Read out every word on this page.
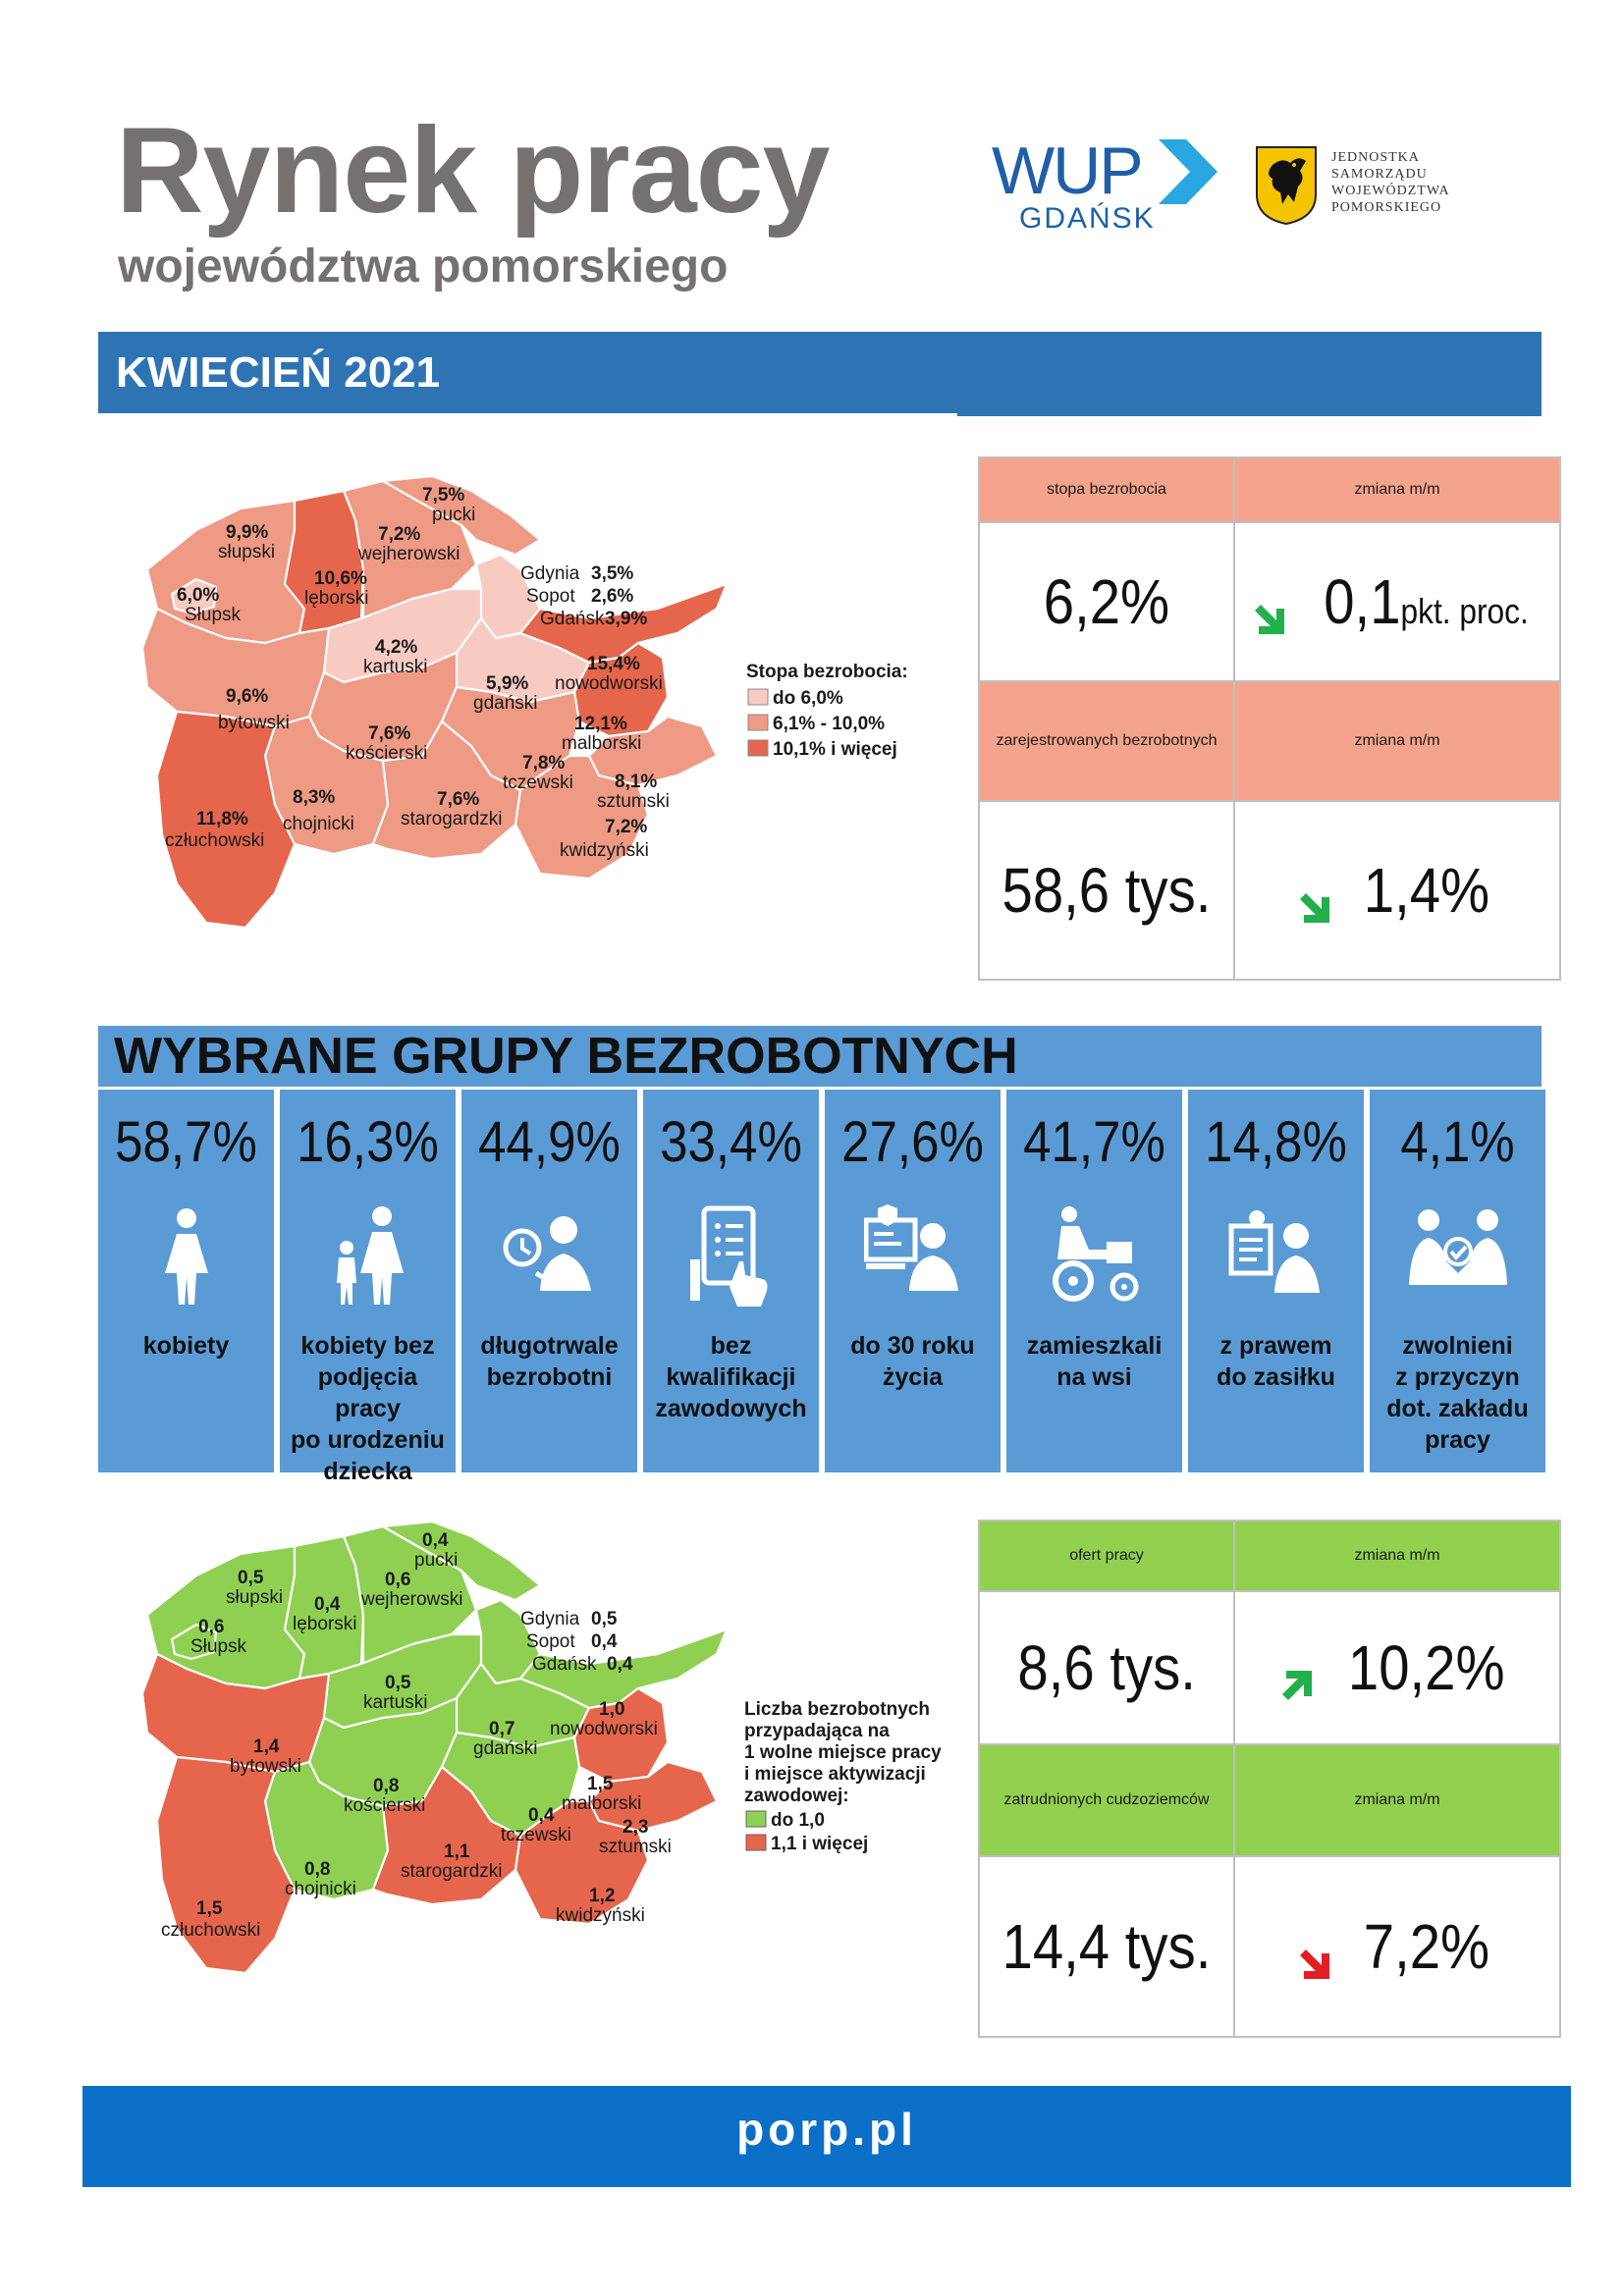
Rynek pracy
województwa pomorskiego
WUP
GDAŃSK
JEDNOSTKA
SAMORZĄDU
WOJEWÓDZTWA
POMORSKIEGO
KWIECIEŃ 2021
7,5%
pucki
9,9%
słupski
7,2%
wejherowski
10,6%
lęborski
6,0%
Słupsk
Gdynia 3,5%
Sopot 2,6%
Gdańsk 3,9%
4,2%
kartuski	15,4%
nowodworski
9,6%
bytowski
5,9%
gdański
12,1%
malborski
7,6%
kościerski	7,8%
tczewski 8,1%
sztumski
8,3%
chojnicki
7,6%
starogardzki	7,2%
kwidzyński
11,8%
człuchowski
Stopa bezrobocia:
do 6,0%
6,1% - 10,0%
10,1% i więcej
stopa bezrobocia	zmiana m/m

6,2%	0,1pkt. proc.

zarejestrowanych bezrobotnych	zmiana m/m

58,6 tys.	1,4%
WYBRANE GRUPY BEZROBOTNYCH
58,7%
kobiety
16,3%
kobiety bez
podjęcia pracy
po urodzeniu
dziecka
44,9%
długotrwale
bezrobotni
33,4%
bez
kwalifikacji
zawodowych
27,6%
do 30 roku
życia
41,7%
zamieszkali
na wsi
14,8%
z prawem
do zasiłku
4,1%
zwolnieni
z przyczyn
dot. zakładu
pracy
0,4
pucki
0,5
słupski
0,6
wejherowski
0,4
lęborski
0,6
Słupsk
Gdynia 0,5
Sopot 0,4
Gdańsk 0,4
0,5
kartuski	1,0
nowodworski
1,4
bytowski
0,7
gdański
1,5
malborski
0,8
kościerski	0,4
tczewski	2,3
sztumski
0,8
chojnicki
1,1
starogardzki
1,2
kwidzyński
1,5
człuchowski
Liczba bezrobotnych
przypadająca na
1 wolne miejsce pracy
i miejsce aktywizacji
zawodowej:
do 1,0
1,1 i więcej
ofert pracy	zmiana m/m

8,6 tys.	10,2%

zatrudnionych cudzoziemców	zmiana m/m

14,4 tys.	7,2%
porp.pl
